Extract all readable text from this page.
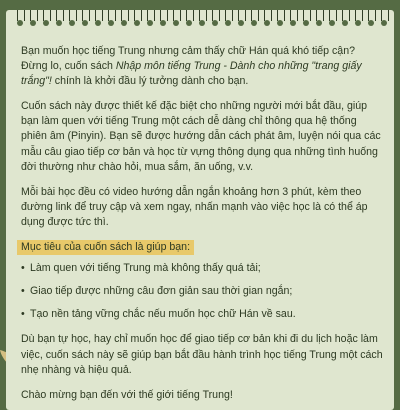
Bạn muốn học tiếng Trung nhưng cảm thấy chữ Hán quá khó tiếp cận? Đừng lo, cuốn sách Nhập môn tiếng Trung - Dành cho những "trang giấy trắng"! chính là khởi đầu lý tưởng dành cho bạn.

Cuốn sách này được thiết kế đặc biệt cho những người mới bắt đầu, giúp bạn làm quen với tiếng Trung một cách dễ dàng chỉ thông qua hệ thống phiên âm (Pinyin). Bạn sẽ được hướng dẫn cách phát âm, luyện nói qua các mẫu câu giao tiếp cơ bản và học từ vựng thông dụng qua những tình huống đời thường như chào hỏi, mua sắm, ăn uống, v.v.

Mỗi bài học đều có video hướng dẫn ngắn khoảng hơn 3 phút, kèm theo đường link để truy cập và xem ngay, nhấn mạnh vào việc học là có thể áp dụng được tức thì.

Mục tiêu của cuốn sách là giúp bạn:
• Làm quen với tiếng Trung mà không thấy quá tải;
• Giao tiếp được những câu đơn giản sau thời gian ngắn;
• Tạo nền tảng vững chắc nếu muốn học chữ Hán về sau.

Dù bạn tự học, hay chỉ muốn học để giao tiếp cơ bản khi đi du lịch hoặc làm việc, cuốn sách này sẽ giúp bạn bắt đầu hành trình học tiếng Trung một cách nhẹ nhàng và hiệu quả.

Chào mừng bạn đến với thế giới tiếng Trung!
